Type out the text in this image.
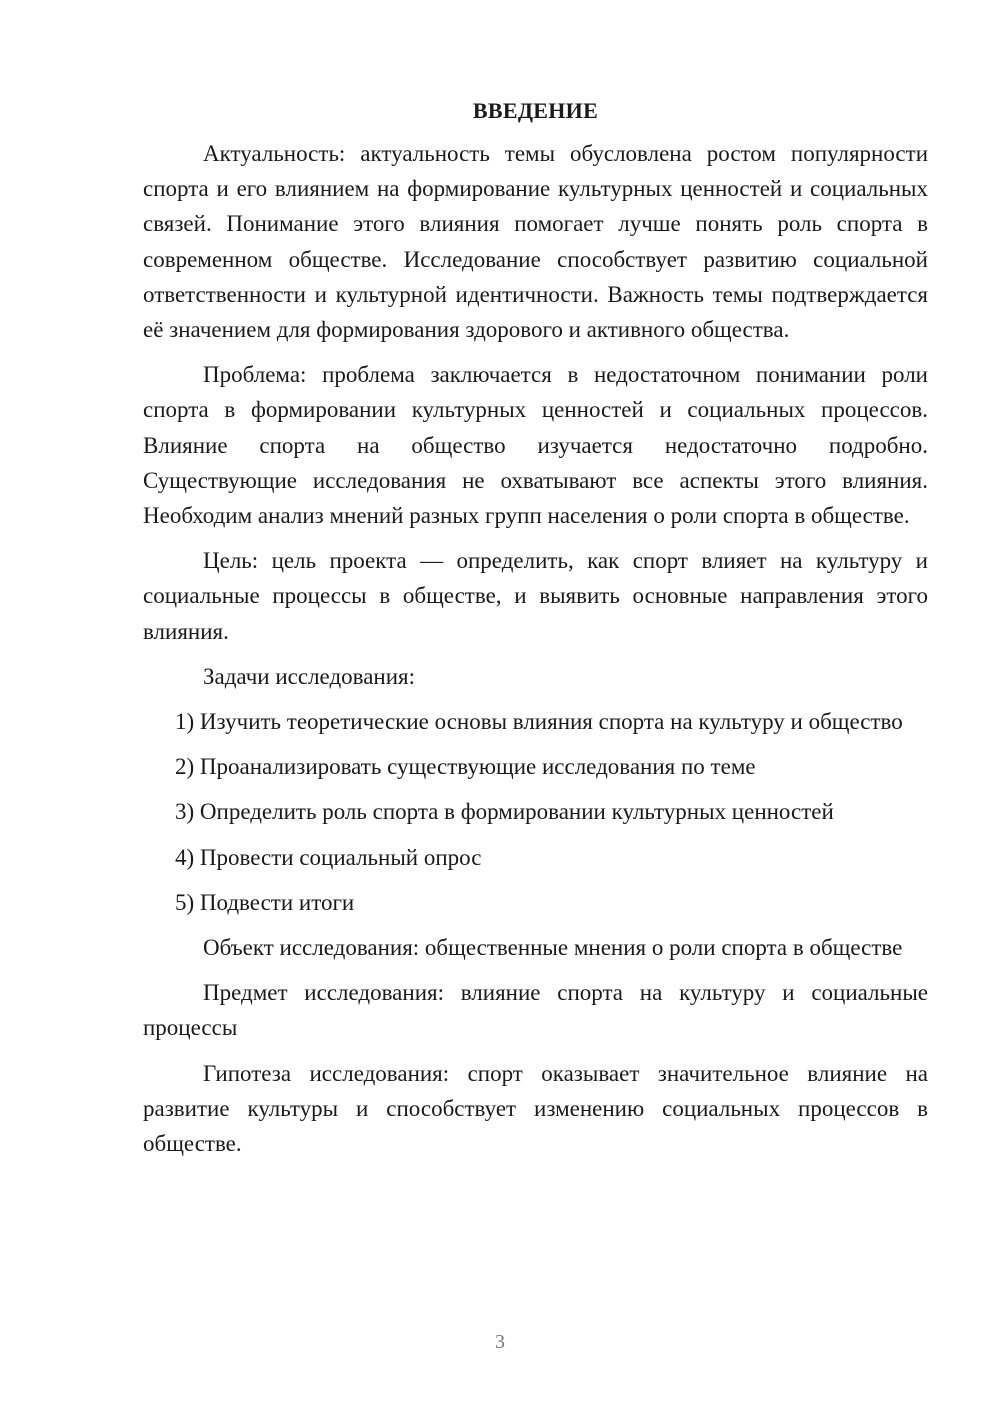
ВВЕДЕНИЕ

Актуальность: актуальность темы обусловлена ростом популярности спорта и его влиянием на формирование культурных ценностей и социальных связей. Понимание этого влияния помогает лучше понять роль спорта в современном обществе. Исследование способствует развитию социальной ответственности и культурной идентичности. Важность темы подтверждается её значением для формирования здорового и активного общества.

Проблема: проблема заключается в недостаточном понимании роли спорта в формировании культурных ценностей и социальных процессов. Влияние спорта на общество изучается недостаточно подробно. Существующие исследования не охватывают все аспекты этого влияния. Необходим анализ мнений разных групп населения о роли спорта в обществе.

Цель: цель проекта — определить, как спорт влияет на культуру и социальные процессы в обществе, и выявить основные направления этого влияния.

Задачи исследования:

1) Изучить теоретические основы влияния спорта на культуру и общество

2) Проанализировать существующие исследования по теме

3) Определить роль спорта в формировании культурных ценностей

4) Провести социальный опрос

5) Подвести итоги

Объект исследования: общественные мнения о роли спорта в обществе

Предмет исследования: влияние спорта на культуру и социальные процессы

Гипотеза исследования: спорт оказывает значительное влияние на развитие культуры и способствует изменению социальных процессов в обществе.

3
